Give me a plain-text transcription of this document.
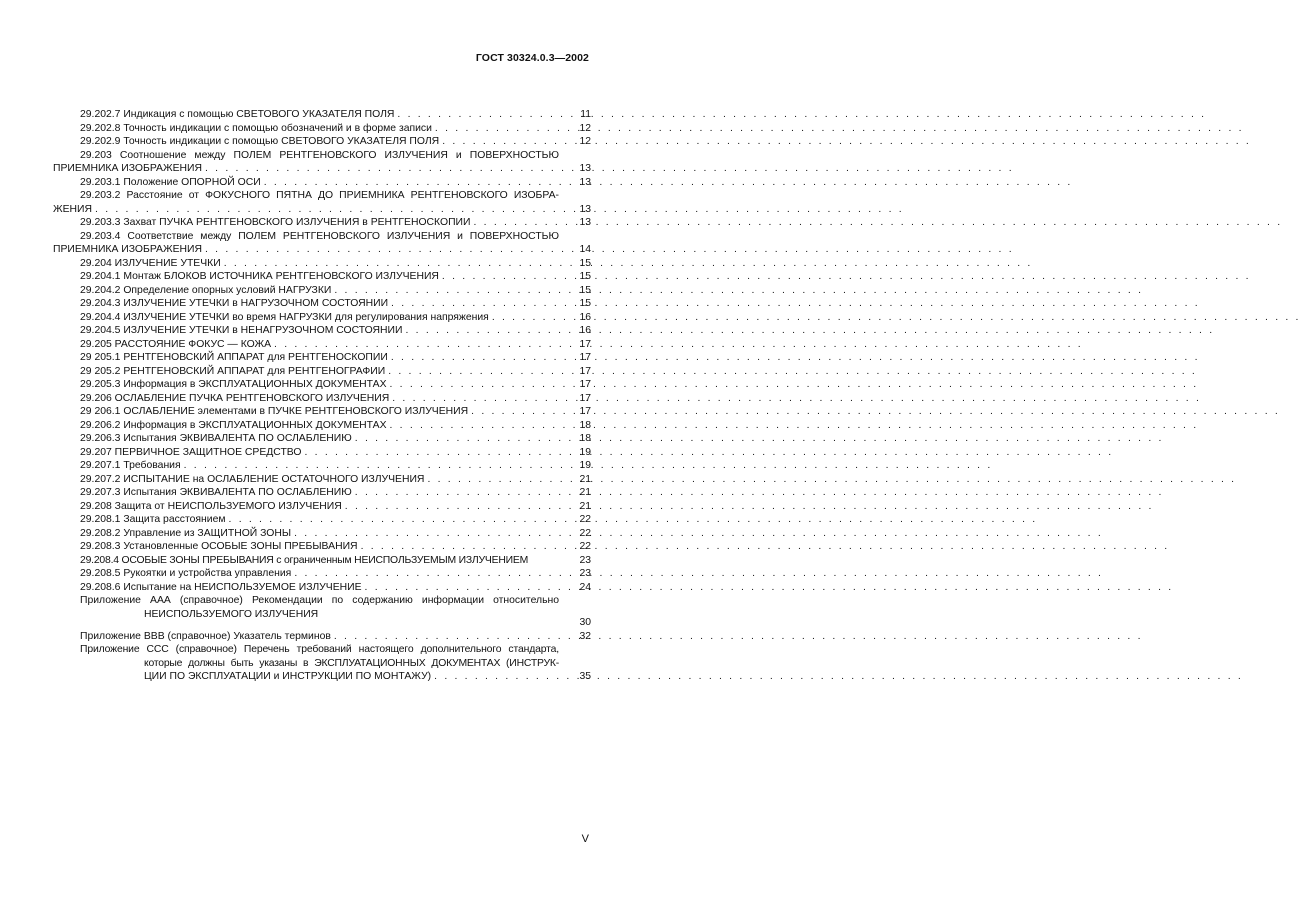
ГОСТ 30324.0.3—2002
29.202.7 Индикация с помощью СВЕТОВОГО УКАЗАТЕЛЯ ПОЛЯ . . .	11
29.202.8 Точность индикации с помощью обозначений и в форме записи . . .	12
29.202.9 Точность индикации с помощью СВЕТОВОГО УКАЗАТЕЛЯ ПОЛЯ . . .	12
29.203 Соотношение между ПОЛЕМ РЕНТГЕНОВСКОГО ИЗЛУЧЕНИЯ и ПОВЕРХНОСТЬЮ
ПРИЕМНИКА ИЗОБРАЖЕНИЯ . . .	13
29.203.1 Положение ОПОРНОЙ ОСИ . . .	13
29.203.2 Расстояние от ФОКУСНОГО ПЯТНА ДО ПРИЕМНИКА РЕНТГЕНОВСКОГО ИЗОБРА-
ЖЕНИЯ . . .	13
29.203.3 Захват ПУЧКА РЕНТГЕНОВСКОГО ИЗЛУЧЕНИЯ в РЕНТГЕНОСКОПИИ . . .	13
29.203.4 Соответствие между ПОЛЕМ РЕНТГЕНОВСКОГО ИЗЛУЧЕНИЯ и ПОВЕРХНОСТЬЮ
ПРИЕМНИКА ИЗОБРАЖЕНИЯ . . .	14
29.204 ИЗЛУЧЕНИЕ УТЕЧКИ . . .	15
29.204.1 Монтаж БЛОКОВ ИСТОЧНИКА РЕНТГЕНОВСКОГО ИЗЛУЧЕНИЯ . . .	15
29.204.2 Определение опорных условий НАГРУЗКИ . . .	15
29.204.3 ИЗЛУЧЕНИЕ УТЕЧКИ в НАГРУЗОЧНОМ СОСТОЯНИИ . . .	15
29.204.4 ИЗЛУЧЕНИЕ УТЕЧКИ во время НАГРУЗКИ для регулирования напряжения . . .	16
29.204.5 ИЗЛУЧЕНИЕ УТЕЧКИ в НЕНАГРУЗОЧНОМ СОСТОЯНИИ . . .	16
29.205 РАССТОЯНИЕ ФОКУС — КОЖА . . .	17
29 205.1 РЕНТГЕНОВСКИЙ АППАРАТ для РЕНТГЕНОСКОПИИ . . .	17
29 205.2 РЕНТГЕНОВСКИЙ АППАРАТ для РЕНТГЕНОГРАФИИ . . .	17
29.205.3 Информация в ЭКСПЛУАТАЦИОННЫХ ДОКУМЕНТАХ . . .	17
29.206 ОСЛАБЛЕНИЕ ПУЧКА РЕНТГЕНОВСКОГО ИЗЛУЧЕНИЯ . . .	17
29 206.1 ОСЛАБЛЕНИЕ элементами в ПУЧКЕ РЕНТГЕНОВСКОГО ИЗЛУЧЕНИЯ . . .	17
29.206.2 Информация в ЭКСПЛУАТАЦИОННЫХ ДОКУМЕНТАХ . . .	18
29.206.3 Испытания ЭКВИВАЛЕНТА ПО ОСЛАБЛЕНИЮ . . .	18
29.207 ПЕРВИЧНОЕ ЗАЩИТНОЕ СРЕДСТВО . . .	19
29.207.1 Требования . . .	19
29.207.2 ИСПЫТАНИЕ на ОСЛАБЛЕНИЕ ОСТАТОЧНОГО ИЗЛУЧЕНИЯ . . .	21
29.207.3 Испытания ЭКВИВАЛЕНТА ПО ОСЛАБЛЕНИЮ . . .	21
29.208 Защита от НЕИСПОЛЬЗУЕМОГО ИЗЛУЧЕНИЯ . . .	21
29.208.1 Защита расстоянием . . .	22
29.208.2 Управление из ЗАЩИТНОЙ ЗОНЫ . . .	22
29.208.3 Установленные ОСОБЫЕ ЗОНЫ ПРЕБЫВАНИЯ . . .	22
29.208.4 ОСОБЫЕ ЗОНЫ ПРЕБЫВАНИЯ с ограниченным НЕИСПОЛЬЗУЕМЫМ ИЗЛУЧЕНИЕМ	23
29.208.5 Рукоятки и устройства управления . . .	23
29.208.6 Испытание на НЕИСПОЛЬЗУЕМОЕ ИЗЛУЧЕНИЕ . . .	24
Приложение ААА (справочное) Рекомендации по содержанию информации относительно
НЕИСПОЛЬЗУЕМОГО ИЗЛУЧЕНИЯ
30
Приложение ВВВ (справочное) Указатель терминов . . .	32
Приложение ССС (справочное) Перечень требований настоящего дополнительного стандарта,
которые должны быть указаны в ЭКСПЛУАТАЦИОННЫХ ДОКУМЕНТАХ (ИНСТРУК-
ЦИИ ПО ЭКСПЛУАТАЦИИ и ИНСТРУКЦИИ ПО МОНТАЖУ) . . .	35
V
